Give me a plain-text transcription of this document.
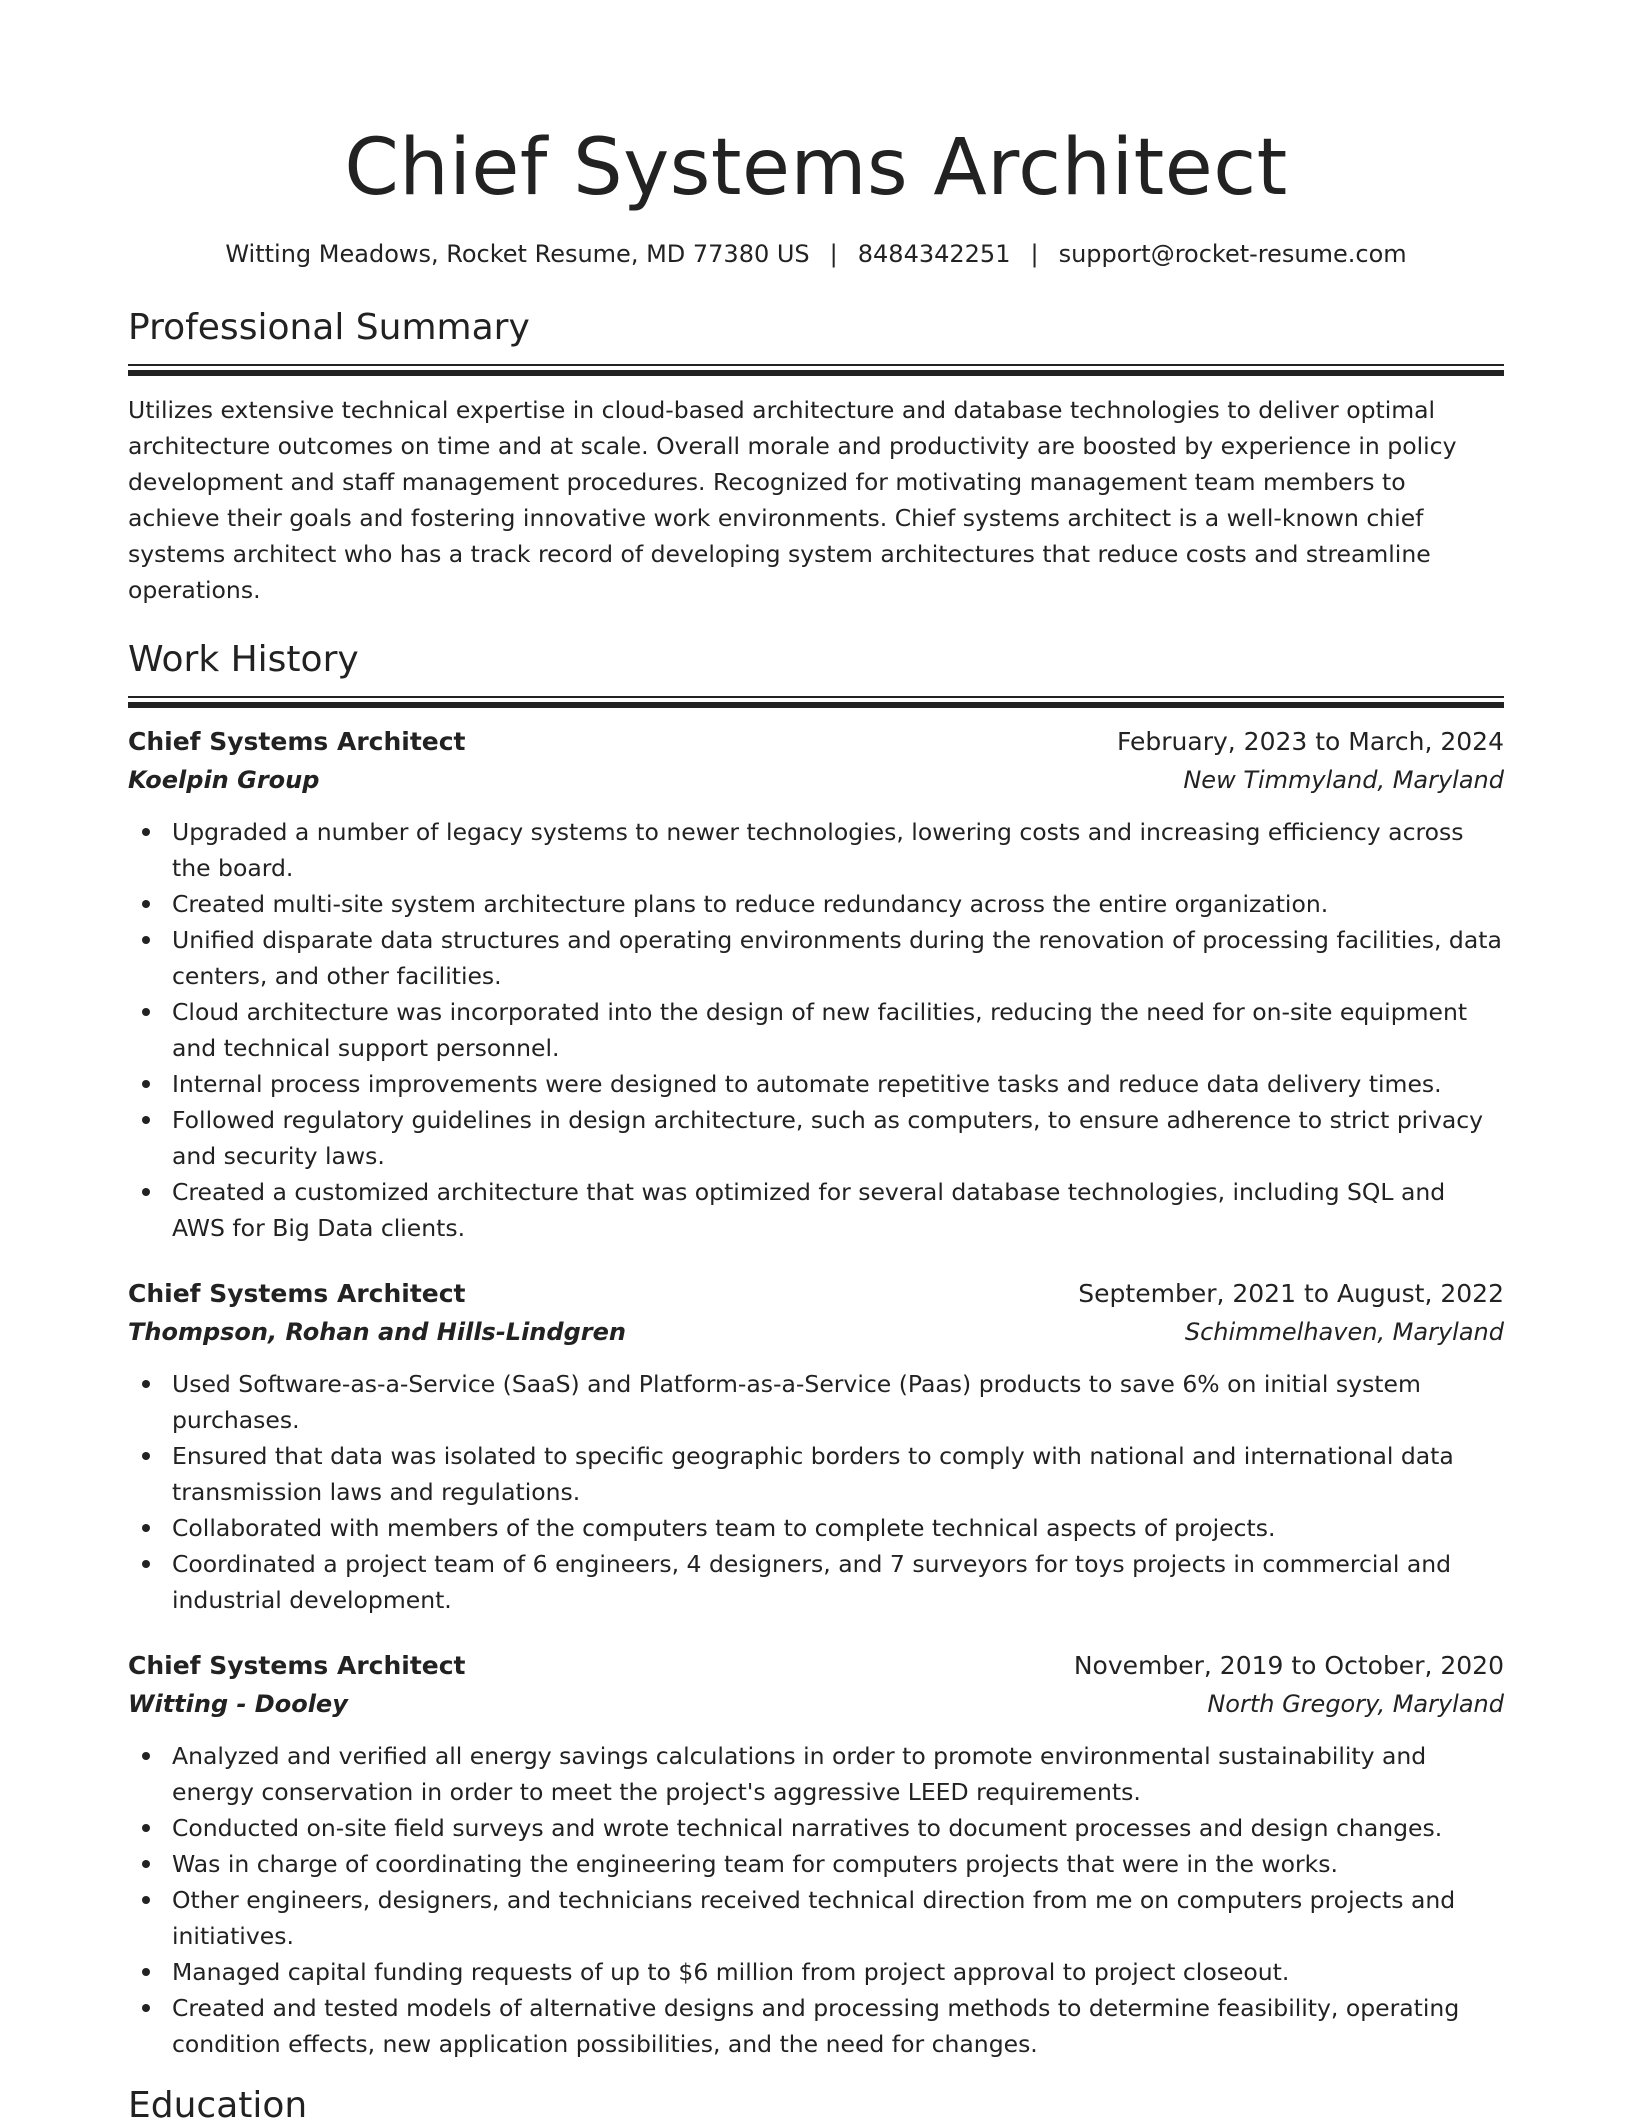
Chief Systems Architect
Witting Meadows, Rocket Resume, MD 77380 US | 8484342251 | support@rocket-resume.com
Professional Summary

Utilizes extensive technical expertise in cloud-based architecture and database technologies to deliver optimal architecture outcomes on time and at scale. Overall morale and productivity are boosted by experience in policy development and staff management procedures. Recognized for motivating management team members to achieve their goals and fostering innovative work environments. Chief systems architect is a well-known chief systems architect who has a track record of developing system architectures that reduce costs and streamline operations.

Work History
Chief Systems Architect	February, 2023 to March, 2024
Koelpin Group	New Timmyland, Maryland
Upgraded a number of legacy systems to newer technologies, lowering costs and increasing efficiency across the board.
Created multi-site system architecture plans to reduce redundancy across the entire organization.
Unified disparate data structures and operating environments during the renovation of processing facilities, data centers, and other facilities.
Cloud architecture was incorporated into the design of new facilities, reducing the need for on-site equipment and technical support personnel.
Internal process improvements were designed to automate repetitive tasks and reduce data delivery times.
Followed regulatory guidelines in design architecture, such as computers, to ensure adherence to strict privacy and security laws.
Created a customized architecture that was optimized for several database technologies, including SQL and AWS for Big Data clients.
Chief Systems Architect	September, 2021 to August, 2022
Thompson, Rohan and Hills-Lindgren	Schimmelhaven, Maryland
Used Software-as-a-Service (SaaS) and Platform-as-a-Service (Paas) products to save 6% on initial system purchases.
Ensured that data was isolated to specific geographic borders to comply with national and international data transmission laws and regulations.
Collaborated with members of the computers team to complete technical aspects of projects.
Coordinated a project team of 6 engineers, 4 designers, and 7 surveyors for toys projects in commercial and industrial development.
Chief Systems Architect	November, 2019 to October, 2020
Witting - Dooley	North Gregory, Maryland
Analyzed and verified all energy savings calculations in order to promote environmental sustainability and energy conservation in order to meet the project's aggressive LEED requirements.
Conducted on-site field surveys and wrote technical narratives to document processes and design changes.
Was in charge of coordinating the engineering team for computers projects that were in the works.
Other engineers, designers, and technicians received technical direction from me on computers projects and initiatives.
Managed capital funding requests of up to $6 million from project approval to project closeout.
Created and tested models of alternative designs and processing methods to determine feasibility, operating condition effects, new application possibilities, and the need for changes.
Education
